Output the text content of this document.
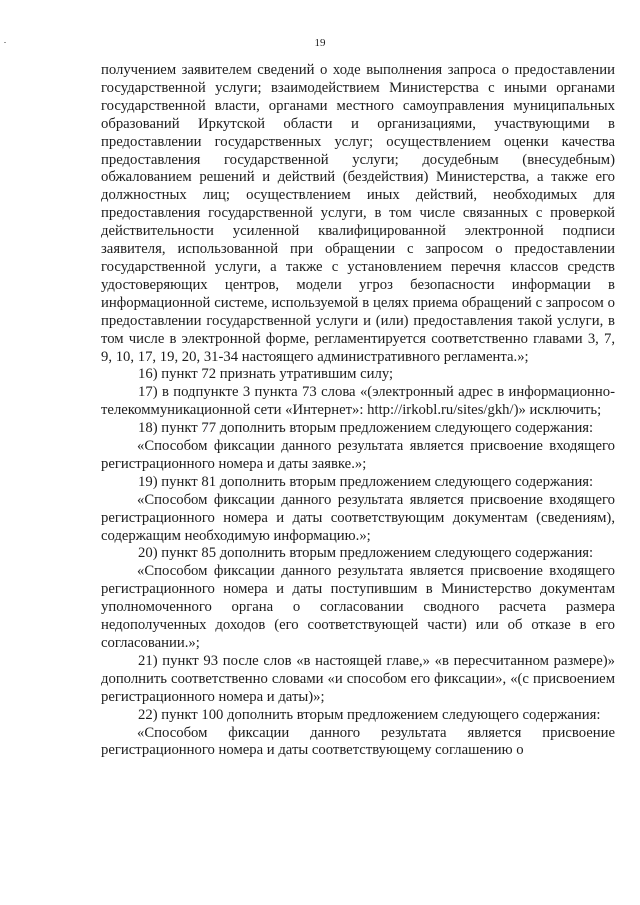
19

получением заявителем сведений о ходе выполнения запроса о предоставлении государственной услуги; взаимодействием Министерства с иными органами государственной власти, органами местного самоуправления муниципальных образований Иркутской области и организациями, участвующими в предоставлении государственных услуг; осуществлением оценки качества предоставления государственной услуги; досудебным (внесудебным) обжалованием решений и действий (бездействия) Министерства, а также его должностных лиц; осуществлением иных действий, необходимых для предоставления государственной услуги, в том числе связанных с проверкой действительности усиленной квалифицированной электронной подписи заявителя, использованной при обращении с запросом о предоставлении государственной услуги, а также с установлением перечня классов средств удостоверяющих центров, модели угроз безопасности информации в информационной системе, используемой в целях приема обращений с запросом о предоставлении государственной услуги и (или) предоставления такой услуги, в том числе в электронной форме, регламентируется соответственно главами 3, 7, 9, 10, 17, 19, 20, 31-34 настоящего административного регламента.»;

16) пункт 72 признать утратившим силу;

17) в подпункте 3 пункта 73 слова «(электронный адрес в информационно-телекоммуникационной сети «Интернет»: http://irkobl.ru/sites/gkh/)» исключить;

18) пункт 77 дополнить вторым предложением следующего содержания:

«Способом фиксации данного результата является присвоение входящего регистрационного номера и даты заявке.»;

19) пункт 81 дополнить вторым предложением следующего содержания:

«Способом фиксации данного результата является присвоение входящего регистрационного номера и даты соответствующим документам (сведениям), содержащим необходимую информацию.»;

20) пункт 85 дополнить вторым предложением следующего содержания:

«Способом фиксации данного результата является присвоение входящего регистрационного номера и даты поступившим в Министерство документам уполномоченного органа о согласовании сводного расчета размера недополученных доходов (его соответствующей части) или об отказе в его согласовании.»;

21) пункт 93 после слов «в настоящей главе,» «в пересчитанном размере)» дополнить соответственно словами «и способом его фиксации», «(с присвоением регистрационного номера и даты)»;

22) пункт 100 дополнить вторым предложением следующего содержания:

«Способом фиксации данного результата является присвоение регистрационного номера и даты соответствующему соглашению о
